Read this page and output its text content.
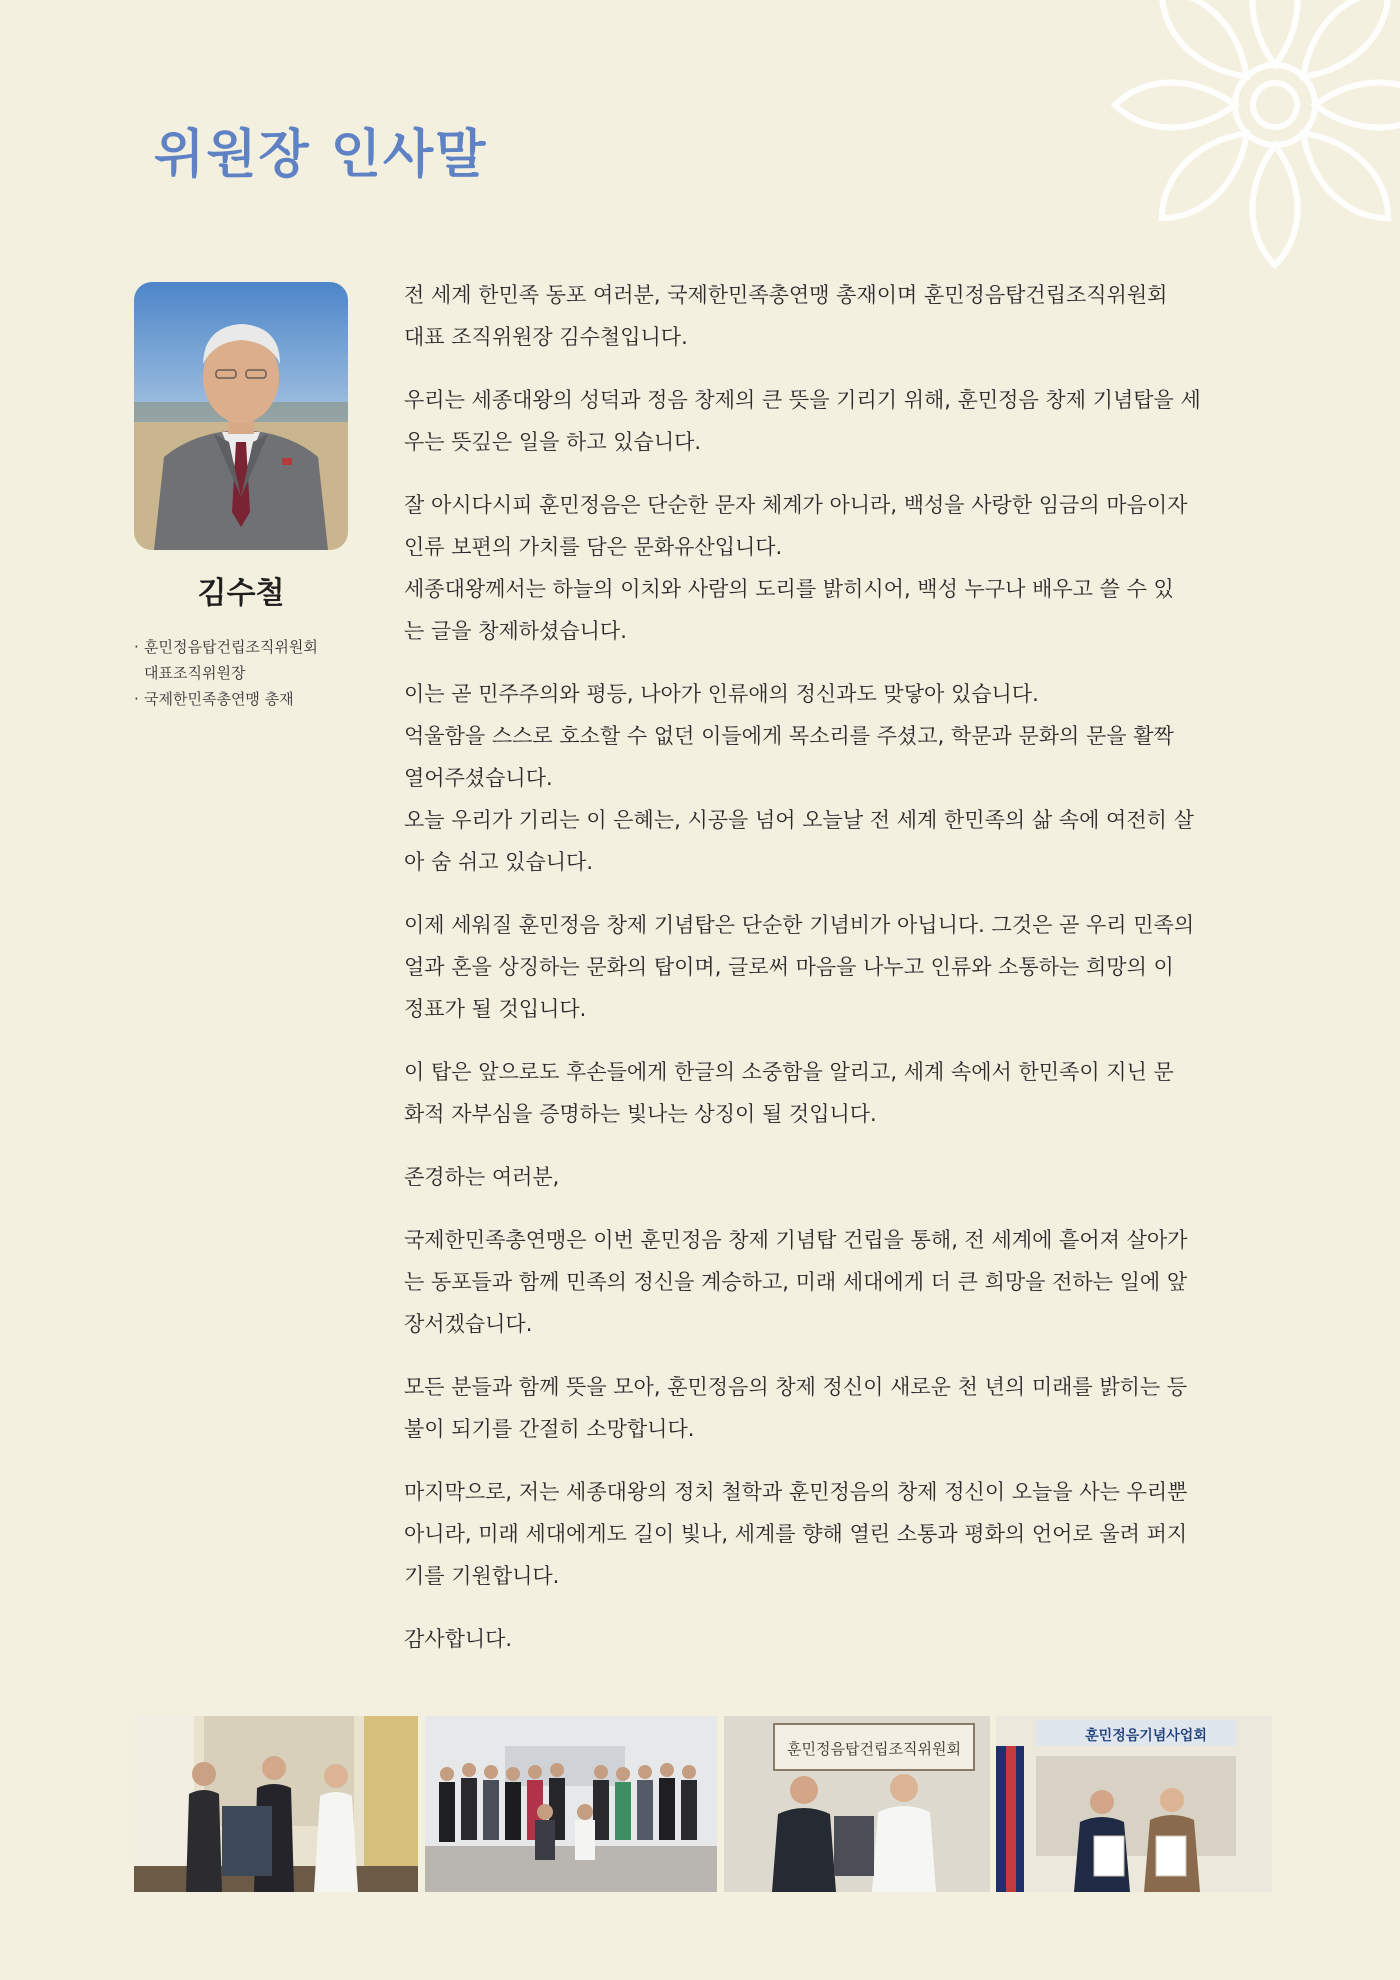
위원장 인사말
김수철
· 훈민정음탑건립조직위원회
대표조직위원장
· 국제한민족총연맹 총재

전 세계 한민족 동포 여러분, 국제한민족총연맹 총재이며 훈민정음탑건립조직위원회
대표 조직위원장 김수철입니다.

우리는 세종대왕의 성덕과 정음 창제의 큰 뜻을 기리기 위해, 훈민정음 창제 기념탑을 세
우는 뜻깊은 일을 하고 있습니다.

잘 아시다시피 훈민정음은 단순한 문자 체계가 아니라, 백성을 사랑한 임금의 마음이자
인류 보편의 가치를 담은 문화유산입니다.
세종대왕께서는 하늘의 이치와 사람의 도리를 밝히시어, 백성 누구나 배우고 쓸 수 있
는 글을 창제하셨습니다.

이는 곧 민주주의와 평등, 나아가 인류애의 정신과도 맞닿아 있습니다.
억울함을 스스로 호소할 수 없던 이들에게 목소리를 주셨고, 학문과 문화의 문을 활짝
열어주셨습니다.
오늘 우리가 기리는 이 은혜는, 시공을 넘어 오늘날 전 세계 한민족의 삶 속에 여전히 살
아 숨 쉬고 있습니다.

이제 세워질 훈민정음 창제 기념탑은 단순한 기념비가 아닙니다. 그것은 곧 우리 민족의
얼과 혼을 상징하는 문화의 탑이며, 글로써 마음을 나누고 인류와 소통하는 희망의 이
정표가 될 것입니다.

이 탑은 앞으로도 후손들에게 한글의 소중함을 알리고, 세계 속에서 한민족이 지닌 문
화적 자부심을 증명하는 빛나는 상징이 될 것입니다.

존경하는 여러분,

국제한민족총연맹은 이번 훈민정음 창제 기념탑 건립을 통해, 전 세계에 흩어져 살아가
는 동포들과 함께 민족의 정신을 계승하고, 미래 세대에게 더 큰 희망을 전하는 일에 앞
장서겠습니다.

모든 분들과 함께 뜻을 모아, 훈민정음의 창제 정신이 새로운 천 년의 미래를 밝히는 등
불이 되기를 간절히 소망합니다.

마지막으로, 저는 세종대왕의 정치 철학과 훈민정음의 창제 정신이 오늘을 사는 우리뿐
아니라, 미래 세대에게도 길이 빛나, 세계를 향해 열린 소통과 평화의 언어로 울려 퍼지
기를 기원합니다.

감사합니다.

훈민정음탑건립조직위원회
훈민정음기념사업회
